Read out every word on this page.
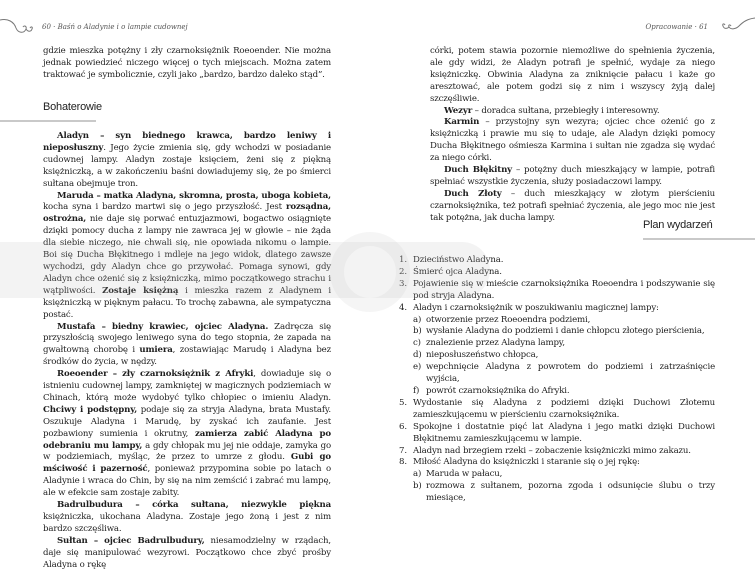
60 · Baśń o Aladynie i o lampie cudownej

gdzie mieszka potężny i zły czarnoksiężnik Roeoender. Nie można jednak powiedzieć niczego więcej o tych miejscach. Można zatem traktować je symbolicznie, czyli jako „bardzo, bardzo daleko stąd”.

Bohaterowie

Aladyn – syn biednego krawca, bardzo leniwy i nieposłuszny. Jego życie zmienia się, gdy wchodzi w posiadanie cudownej lampy. Aladyn zostaje księciem, żeni się z piękną księżniczką, a w zakończeniu baśni dowiadujemy się, że po śmierci sułtana obejmuje tron.

Maruda – matka Aladyna, skromna, prosta, uboga kobieta, kocha syna i bardzo martwi się o jego przyszłość. Jest rozsądna, ostrożna, nie daje się porwać entuzjazmowi, bogactwo osiągnięte dzięki pomocy ducha z lampy nie zawraca jej w głowie – nie żąda dla siebie niczego, nie chwali się, nie opowiada nikomu o lampie. Boi się Ducha Błękitnego i mdleje na jego widok, dlatego zawsze wychodzi, gdy Aladyn chce go przywołać. Pomaga synowi, gdy Aladyn chce ożenić się z księżniczką, mimo początkowego strachu i wątpliwości. Zostaje księżną i mieszka razem z Aladynem i księżniczką w pięknym pałacu. To trochę zabawna, ale sympatyczna postać.

Mustafa – biedny krawiec, ojciec Aladyna. Zadręcza się przyszłością swojego leniwego syna do tego stopnia, że zapada na gwałtowną chorobę i umiera, zostawiając Marudę i Aladyna bez środków do życia, w nędzy.

Roeoender – zły czarnoksiężnik z Afryki, dowiaduje się o istnieniu cudownej lampy, zamkniętej w magicznych podziemiach w Chinach, którą może wydobyć tylko chłopiec o imieniu Aladyn. Chciwy i podstępny, podaje się za stryja Aladyna, brata Mustafy. Oszukuje Aladyna i Marudę, by zyskać ich zaufanie. Jest pozbawiony sumienia i okrutny, zamierza zabić Aladyna po odebraniu mu lampy, a gdy chłopak mu jej nie oddaje, zamyka go w podziemiach, myśląc, że przez to umrze z głodu. Gubi go mściwość i pazerność, ponieważ przypomina sobie po latach o Aladynie i wraca do Chin, by się na nim zemścić i zabrać mu lampę, ale w efekcie sam zostaje zabity.

Badrulbudura – córka sułtana, niezwykle piękna księżniczka, ukochana Aladyna. Zostaje jego żoną i jest z nim bardzo szczęśliwa.

Sułtan – ojciec Badrulbudury, niesamodzielny w rządach, daje się manipulować wezyrowi. Początkowo chce zbyć prośby Aladyna o rękę

Opracowanie · 61

córki, potem stawia pozornie niemożliwe do spełnienia życzenia, ale gdy widzi, że Aladyn potrafi je spełnić, wydaje za niego księżniczkę. Obwinia Aladyna za zniknięcie pałacu i każe go aresztować, ale potem godzi się z nim i wszyscy żyją dalej szczęśliwie.

Wezyr – doradca sułtana, przebiegły i interesowny.

Karmin – przystojny syn wezyra; ojciec chce ożenić go z księżniczką i prawie mu się to udaje, ale Aladyn dzięki pomocy Ducha Błękitnego ośmiesza Karmina i sułtan nie zgadza się wydać za niego córki.

Duch Błękitny – potężny duch mieszkający w lampie, potrafi spełniać wszystkie życzenia, służy posiadaczowi lampy.

Duch Złoty – duch mieszkający w złotym pierścieniu czarnoksiężnika, też potrafi spełniać życzenia, ale jego moc nie jest tak potężna, jak ducha lampy.

Plan wydarzeń
1. Dzieciństwo Aladyna.
2. Śmierć ojca Aladyna.
3. Pojawienie się w mieście czarnoksiężnika Roeoendra i podszywanie się pod stryja Aladyna.
4. Aladyn i czarnoksiężnik w poszukiwaniu magicznej lampy:
a) otworzenie przez Roeoendra podziemi,
b) wysłanie Aladyna do podziemi i danie chłopcu złotego pierścienia,
c) znalezienie przez Aladyna lampy,
d) nieposłuszeństwo chłopca,
e) wepchnięcie Aladyna z powrotem do podziemi i zatrzaśnięcie wyjścia,
f) powrót czarnoksiężnika do Afryki.
5. Wydostanie się Aladyna z podziemi dzięki Duchowi Złotemu zamieszkującemu w pierścieniu czarnoksiężnika.
6. Spokojne i dostatnie pięć lat Aladyna i jego matki dzięki Duchowi Błękitnemu zamieszkującemu w lampie.
7. Aladyn nad brzegiem rzeki – zobaczenie księżniczki mimo zakazu.
8. Miłość Aladyna do księżniczki i staranie się o jej rękę:
a) Maruda w pałacu,
b) rozmowa z sułtanem, pozorna zgoda i odsunięcie ślubu o trzy miesiące,
